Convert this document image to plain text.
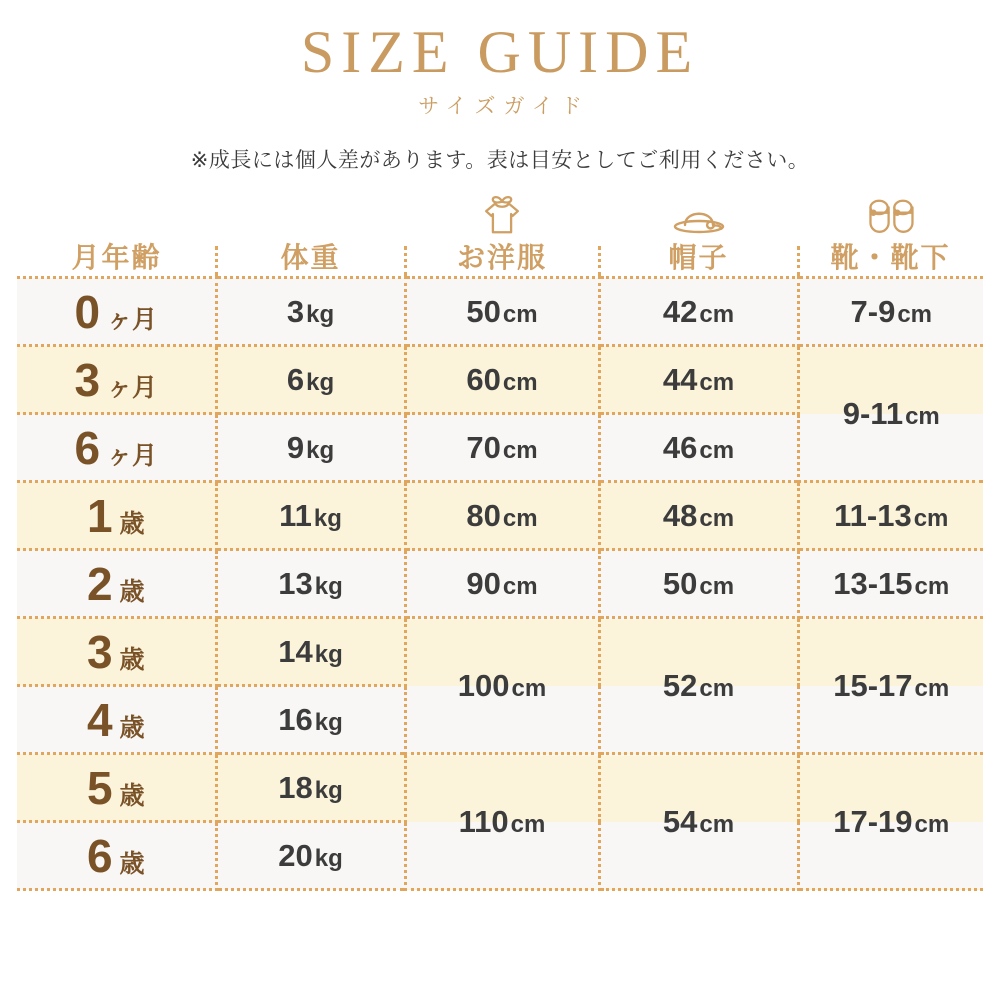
SIZE GUIDE
サイズガイド
※成長には個人差があります。表は目安としてご利用ください。
月年齢	体重	お洋服	帽子	靴・靴下
0 ヶ月	3kg	50cm	42cm	7-9cm
3 ヶ月	6kg	60cm	44cm	9-11cm
6 ヶ月	9kg	70cm	46cm	
1 歳	11kg	80cm	48cm	11-13cm
2 歳	13kg	90cm	50cm	13-15cm
3 歳	14kg	100cm	52cm	15-17cm
4 歳	16kg			
5 歳	18kg	110cm	54cm	17-19cm
6 歳	20kg			
